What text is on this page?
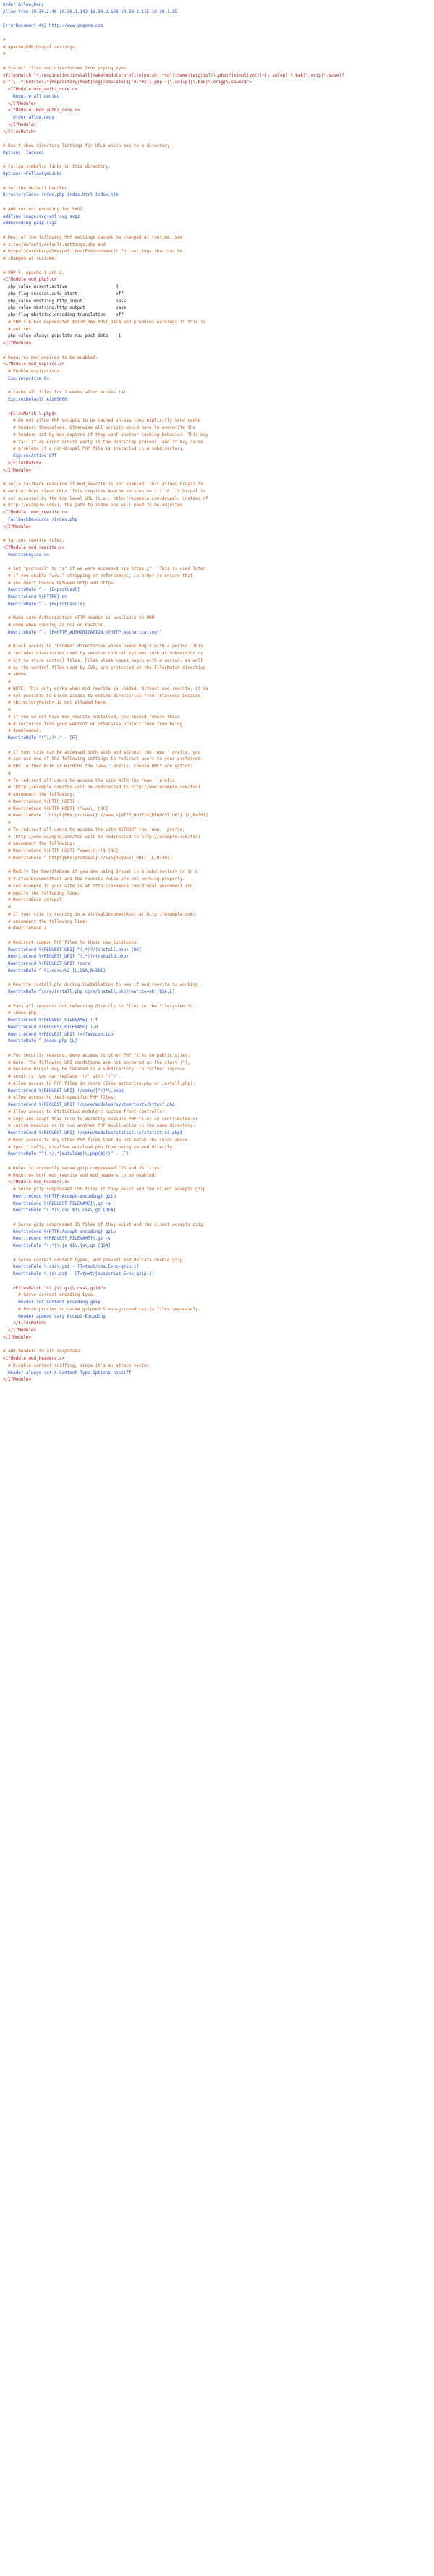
Order Allow,Deny
Allow from 10.30.2.46 10.30.1.142 10.30.2.168 10.30.2.115 10.30.1.85
ErrorDocument 403 http://www.yogorm.com
#
# Apache/PHP/Drupal settings:
#
# Protect files and directories from prying eyes.
<FilesMatch "\.(engine|inc|install|make|module|profile|po|sh|.*sql|theme|twig|tpl(\.php)?|xtmpl|yml)(~|\.sw[op]|\.bak|\.orig|\.save)?
$|^(\..*|Entries.*|Repository|Root|Tag|Template)$|^#.*#$|\.php(~|\.sw[op]|\.bak|\.orig|\.save)$">
<IfModule mod_authz_core.c>
Require all denied
</IfModule>
<IfModule !mod_authz_core.c>
Order allow,deny
</IfModule>
</FilesMatch>
# Don't show directory listings for URLs which map to a directory.
Options -Indexes
# Follow symbolic links in this directory.
Options +FollowSymLinks
# Set the default handler.
DirectoryIndex index.php index.html index.htm
# Add correct encoding for SVGZ.
AddType image/svg+xml svg svgz
AddEncoding gzip svgz
# Most of the following PHP settings cannot be changed at runtime. See
# sites/default/default.settings.php and
# Drupal\Core\DrupalKernel::bootEnvironment() for settings that can be
# changed at runtime.
# PHP 5, Apache 1 and 2.
<IfModule mod_php5.c>
php_value assert.active                   0
php_flag session.auto_start               off
php_value mbstring.http_input             pass
php_value mbstring.http_output            pass
php_flag mbstring.encoding_translation    off
# PHP 5.6 has deprecated $HTTP_RAW_POST_DATA and produces warnings if this is
# not set.
php_value always_populate_raw_post_data   -1
</IfModule>
# Requires mod_expires to be enabled.
<IfModule mod_expires.c>
# Enable expirations.
ExpiresActive On
# Cache all files for 2 weeks after access (A).
ExpiresDefault A1209600
<FilesMatch \.php$>
# Do not allow PHP scripts to be cached unless they explicitly send cache
# headers themselves. Otherwise all scripts would have to overwrite the
# headers set by mod_expires if they want another caching behavior. This may
# fail if an error occurs early in the bootstrap process, and it may cause
# problems if a non-Drupal PHP file is installed in a subdirectory.
ExpiresActive Off
</FilesMatch>
</IfModule>
# Set a fallback resource if mod_rewrite is not enabled. This allows Drupal to
# work without clean URLs. This requires Apache version >= 2.2.16. If Drupal is
# not accessed by the top level URL (i.e.: http://example.com/drupal/ instead of
# http://example.com/), the path to index.php will need to be adjusted.
<IfModule !mod_rewrite.c>
FallbackResource /index.php
</IfModule>
# Various rewrite rules.
<IfModule mod_rewrite.c>
RewriteEngine on
# Set "protossl" to "s" if we were accessed via https://.  This is used later
# if you enable "www." stripping or enforcement, in order to ensure that
# you don't bounce between http and https.
RewriteRule ^ - [E=protossl]
RewriteCond %{HTTPS} on
RewriteRule ^ - [E=protossl:s]
# Make sure Authorization HTTP header is available to PHP
# even when running as CGI or FastCGI.
RewriteRule ^ - [E=HTTP_AUTHORIZATION:%{HTTP:Authorization}]
# Block access to "hidden" directories whose names begin with a period. This
# includes directories used by version control systems such as Subversion or
# Git to store control files. Files whose names begin with a period, as well
# as the control files used by CVS, are protected by the FilesMatch directive
# above.
#
# NOTE: This only works when mod_rewrite is loaded. Without mod_rewrite, it is
# not possible to block access to entire directories from .htaccess because
# <DirectoryMatch> is not allowed here.
#
# If you do not have mod_rewrite installed, you should remove these
# directories from your webroot or otherwise protect them from being
# downloaded.
RewriteRule "(^|/)\." - [F]
# If your site can be accessed both with and without the 'www.' prefix, you
# can use one of the following settings to redirect users to your preferred
# URL, either WITH or WITHOUT the 'www.' prefix. Choose ONLY one option:
#
# To redirect all users to access the site WITH the 'www.' prefix,
# (http://example.com/foo will be redirected to http://www.example.com/foo)
# uncomment the following:
# RewriteCond %{HTTP_HOST} .
# RewriteCond %{HTTP_HOST} !^www\. [NC]
# RewriteRule ^ http%{ENV:protossl}://www.%{HTTP_HOST}%{REQUEST_URI} [L,R=301]
#
# To redirect all users to access the site WITHOUT the 'www.' prefix,
# (http://www.example.com/foo will be redirected to http://example.com/foo)
# uncomment the following:
# RewriteCond %{HTTP_HOST} ^www\.(.+)$ [NC]
# RewriteRule ^ http%{ENV:protossl}://%1%{REQUEST_URI} [L,R=301]
# Modify the RewriteBase if you are using Drupal in a subdirectory or in a
# VirtualDocumentRoot and the rewrite rules are not working properly.
# For example if your site is at http://example.com/drupal uncomment and
# modify the following line:
# RewriteBase /drupal
#
# If your site is running in a VirtualDocumentRoot at http://example.com/,
# uncomment the following line:
# RewriteBase /
# Redirect common PHP files to their new locations.
RewriteCond %{REQUEST_URI} ^(.*)?/(install.php) [OR]
RewriteCond %{REQUEST_URI} ^(.*)?/(rebuild.php)
RewriteCond %{REQUEST_URI} !core
RewriteRule ^ %1/core/%2 [L,QSA,R=301]
# Rewrite install.php during installation to see if mod_rewrite is working
RewriteRule ^core/install.php core/install.php?rewrite=ok [QSA,L]
# Pass all requests not referring directly to files in the filesystem to
# index.php.
RewriteCond %{REQUEST_FILENAME} !-f
RewriteCond %{REQUEST_FILENAME} !-d
RewriteCond %{REQUEST_URI} !=/favicon.ico
RewriteRule ^ index.php [L]
# For security reasons, deny access to other PHP files on public sites.
# Note: The following URI conditions are not anchored at the start (^),
# because Drupal may be located in a subdirectory. To further improve
# security, you can replace '!/' with '!^/'.
# Allow access to PHP files in /core (like authorize.php or install.php):
RewriteCond %{REQUEST_URI} !/core/[^/]*\.php$
# Allow access to test-specific PHP files:
RewriteCond %{REQUEST_URI} !/core/modules/system/tests/https?.php
# Allow access to Statistics module's custom front controller.
# Copy and adapt this rule to directly execute PHP files in contributed or
# custom modules or to run another PHP application in the same directory.
RewriteCond %{REQUEST_URI} !/core/modules/statistics/statistics.php$
# Deny access to any other PHP files that do not match the rules above.
# Specifically, disallow autoload.php from being served directly.
RewriteRule "^(.+/.*|autoload)\.php($|/)" - [F]
# Rules to correctly serve gzip compressed CSS and JS files.
# Requires both mod_rewrite and mod_headers to be enabled.
<IfModule mod_headers.c>
# Serve gzip compressed CSS files if they exist and the client accepts gzip.
RewriteCond %{HTTP:Accept-encoding} gzip
RewriteCond %{REQUEST_FILENAME}\.gz -s
RewriteRule ^(.*)\.css $1\.css\.gz [QSA]
# Serve gzip compressed JS files if they exist and the client accepts gzip.
RewriteCond %{HTTP:Accept-encoding} gzip
RewriteCond %{REQUEST_FILENAME}\.gz -s
RewriteRule ^(.*)\.js $1\.js\.gz [QSA]
# Serve correct content types, and prevent mod_deflate double gzip.
RewriteRule \.css\.gz$ - [T=text/css,E=no-gzip:1]
RewriteRule \.js\.gz$ - [T=text/javascript,E=no-gzip:1]
<FilesMatch "(\.js\.gz|\.css\.gz)$">
# Serve correct encoding type.
Header set Content-Encoding gzip
# Force proxies to cache gzipped & non-gzipped css/js files separately.
Header append Vary Accept-Encoding
</FilesMatch>
</IfModule>
</IfModule>
# Add headers to all responses.
<IfModule mod_headers.c>
# Disable content sniffing, since it's an attack vector.
Header always set X-Content-Type-Options nosniff
</IfModule>
